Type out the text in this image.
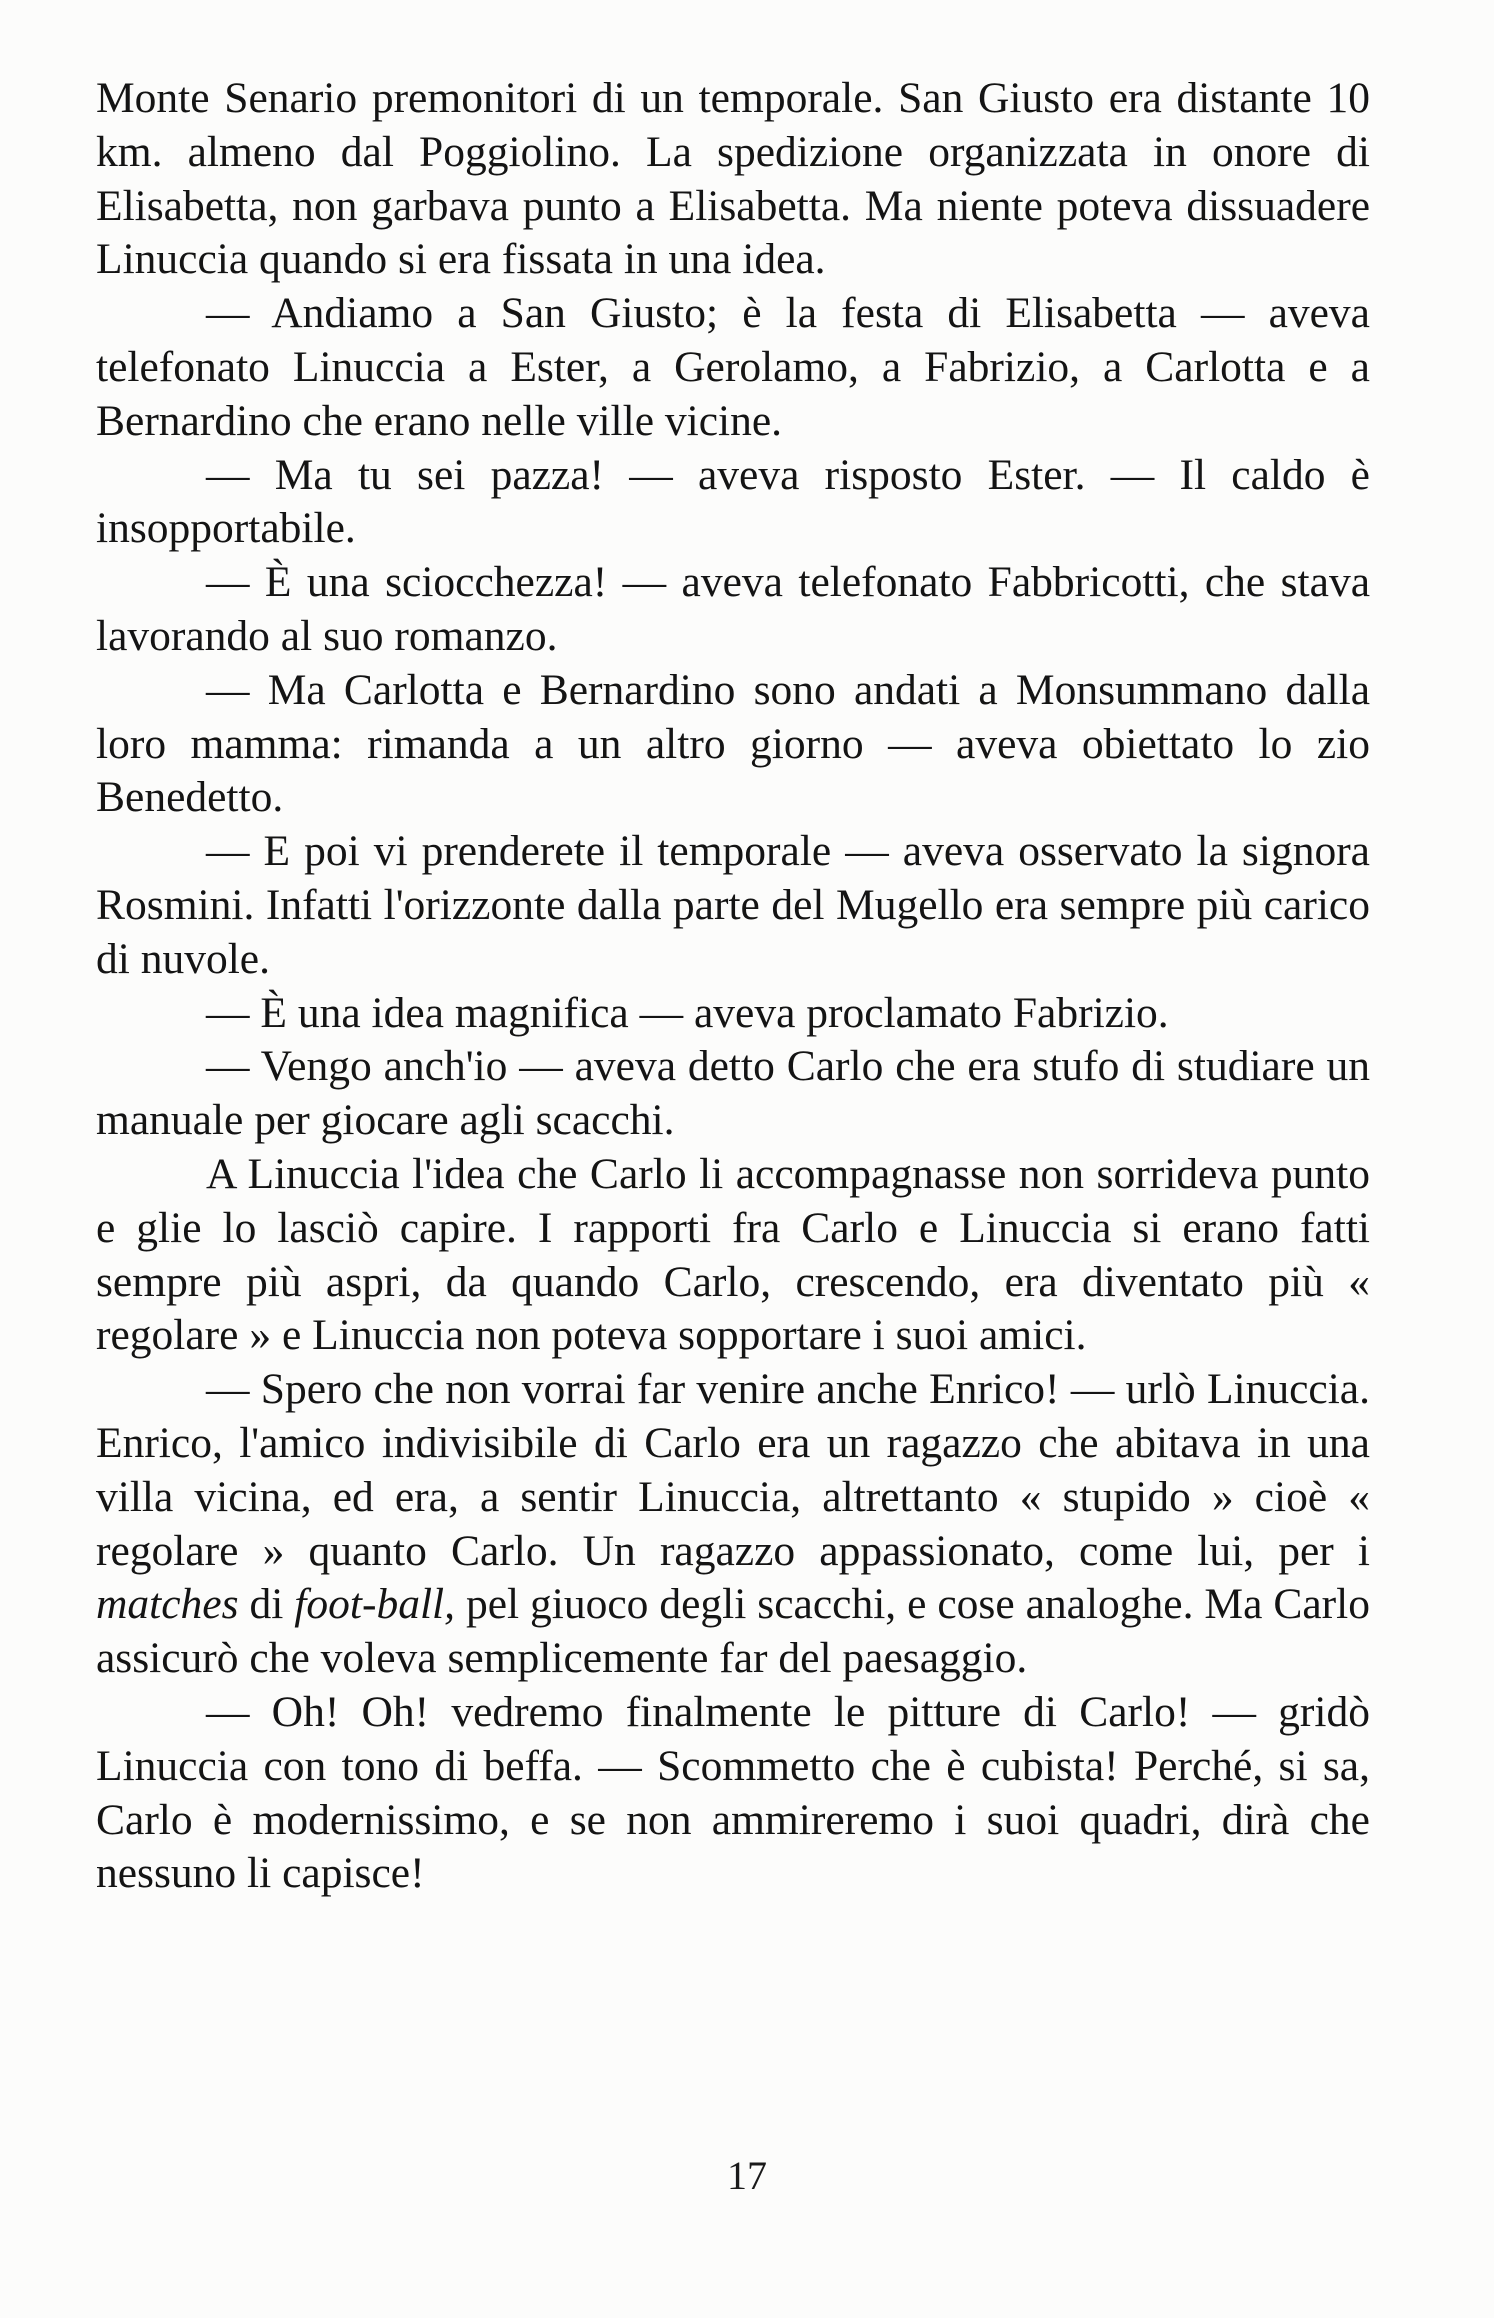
Monte Senario premonitori di un temporale. San Giusto era distante 10 km. almeno dal Poggiolino. La spedizione organizzata in onore di Elisabetta, non garbava punto a Elisabetta. Ma niente poteva dissuadere Linuccia quando si era fissata in una idea.

— Andiamo a San Giusto; è la festa di Elisabetta — aveva telefonato Linuccia a Ester, a Gerolamo, a Fabrizio, a Carlotta e a Bernardino che erano nelle ville vicine.

— Ma tu sei pazza! — aveva risposto Ester. — Il caldo è insopportabile.

— È una sciocchezza! — aveva telefonato Fabbricotti, che stava lavorando al suo romanzo.

— Ma Carlotta e Bernardino sono andati a Monsummano dalla loro mamma: rimanda a un altro giorno — aveva obiettato lo zio Benedetto.

— E poi vi prenderete il temporale — aveva osservato la signora Rosmini. Infatti l'orizzonte dalla parte del Mugello era sempre più carico di nuvole.

— È una idea magnifica — aveva proclamato Fabrizio.

— Vengo anch'io — aveva detto Carlo che era stufo di studiare un manuale per giocare agli scacchi.

A Linuccia l'idea che Carlo li accompagnasse non sorrideva punto e glie lo lasciò capire. I rapporti fra Carlo e Linuccia si erano fatti sempre più aspri, da quando Carlo, crescendo, era diventato più « regolare » e Linuccia non poteva sopportare i suoi amici.

— Spero che non vorrai far venire anche Enrico! — urlò Linuccia. Enrico, l'amico indivisibile di Carlo era un ragazzo che abitava in una villa vicina, ed era, a sentir Linuccia, altrettanto « stupido » cioè « regolare » quanto Carlo. Un ragazzo appassionato, come lui, per i matches di foot-ball, pel giuoco degli scacchi, e cose analoghe. Ma Carlo assicurò che voleva semplicemente far del paesaggio.

— Oh! Oh! vedremo finalmente le pitture di Carlo! — gridò Linuccia con tono di beffa. — Scommetto che è cubista! Perché, si sa, Carlo è modernissimo, e se non ammireremo i suoi quadri, dirà che nessuno li capisce!

17
